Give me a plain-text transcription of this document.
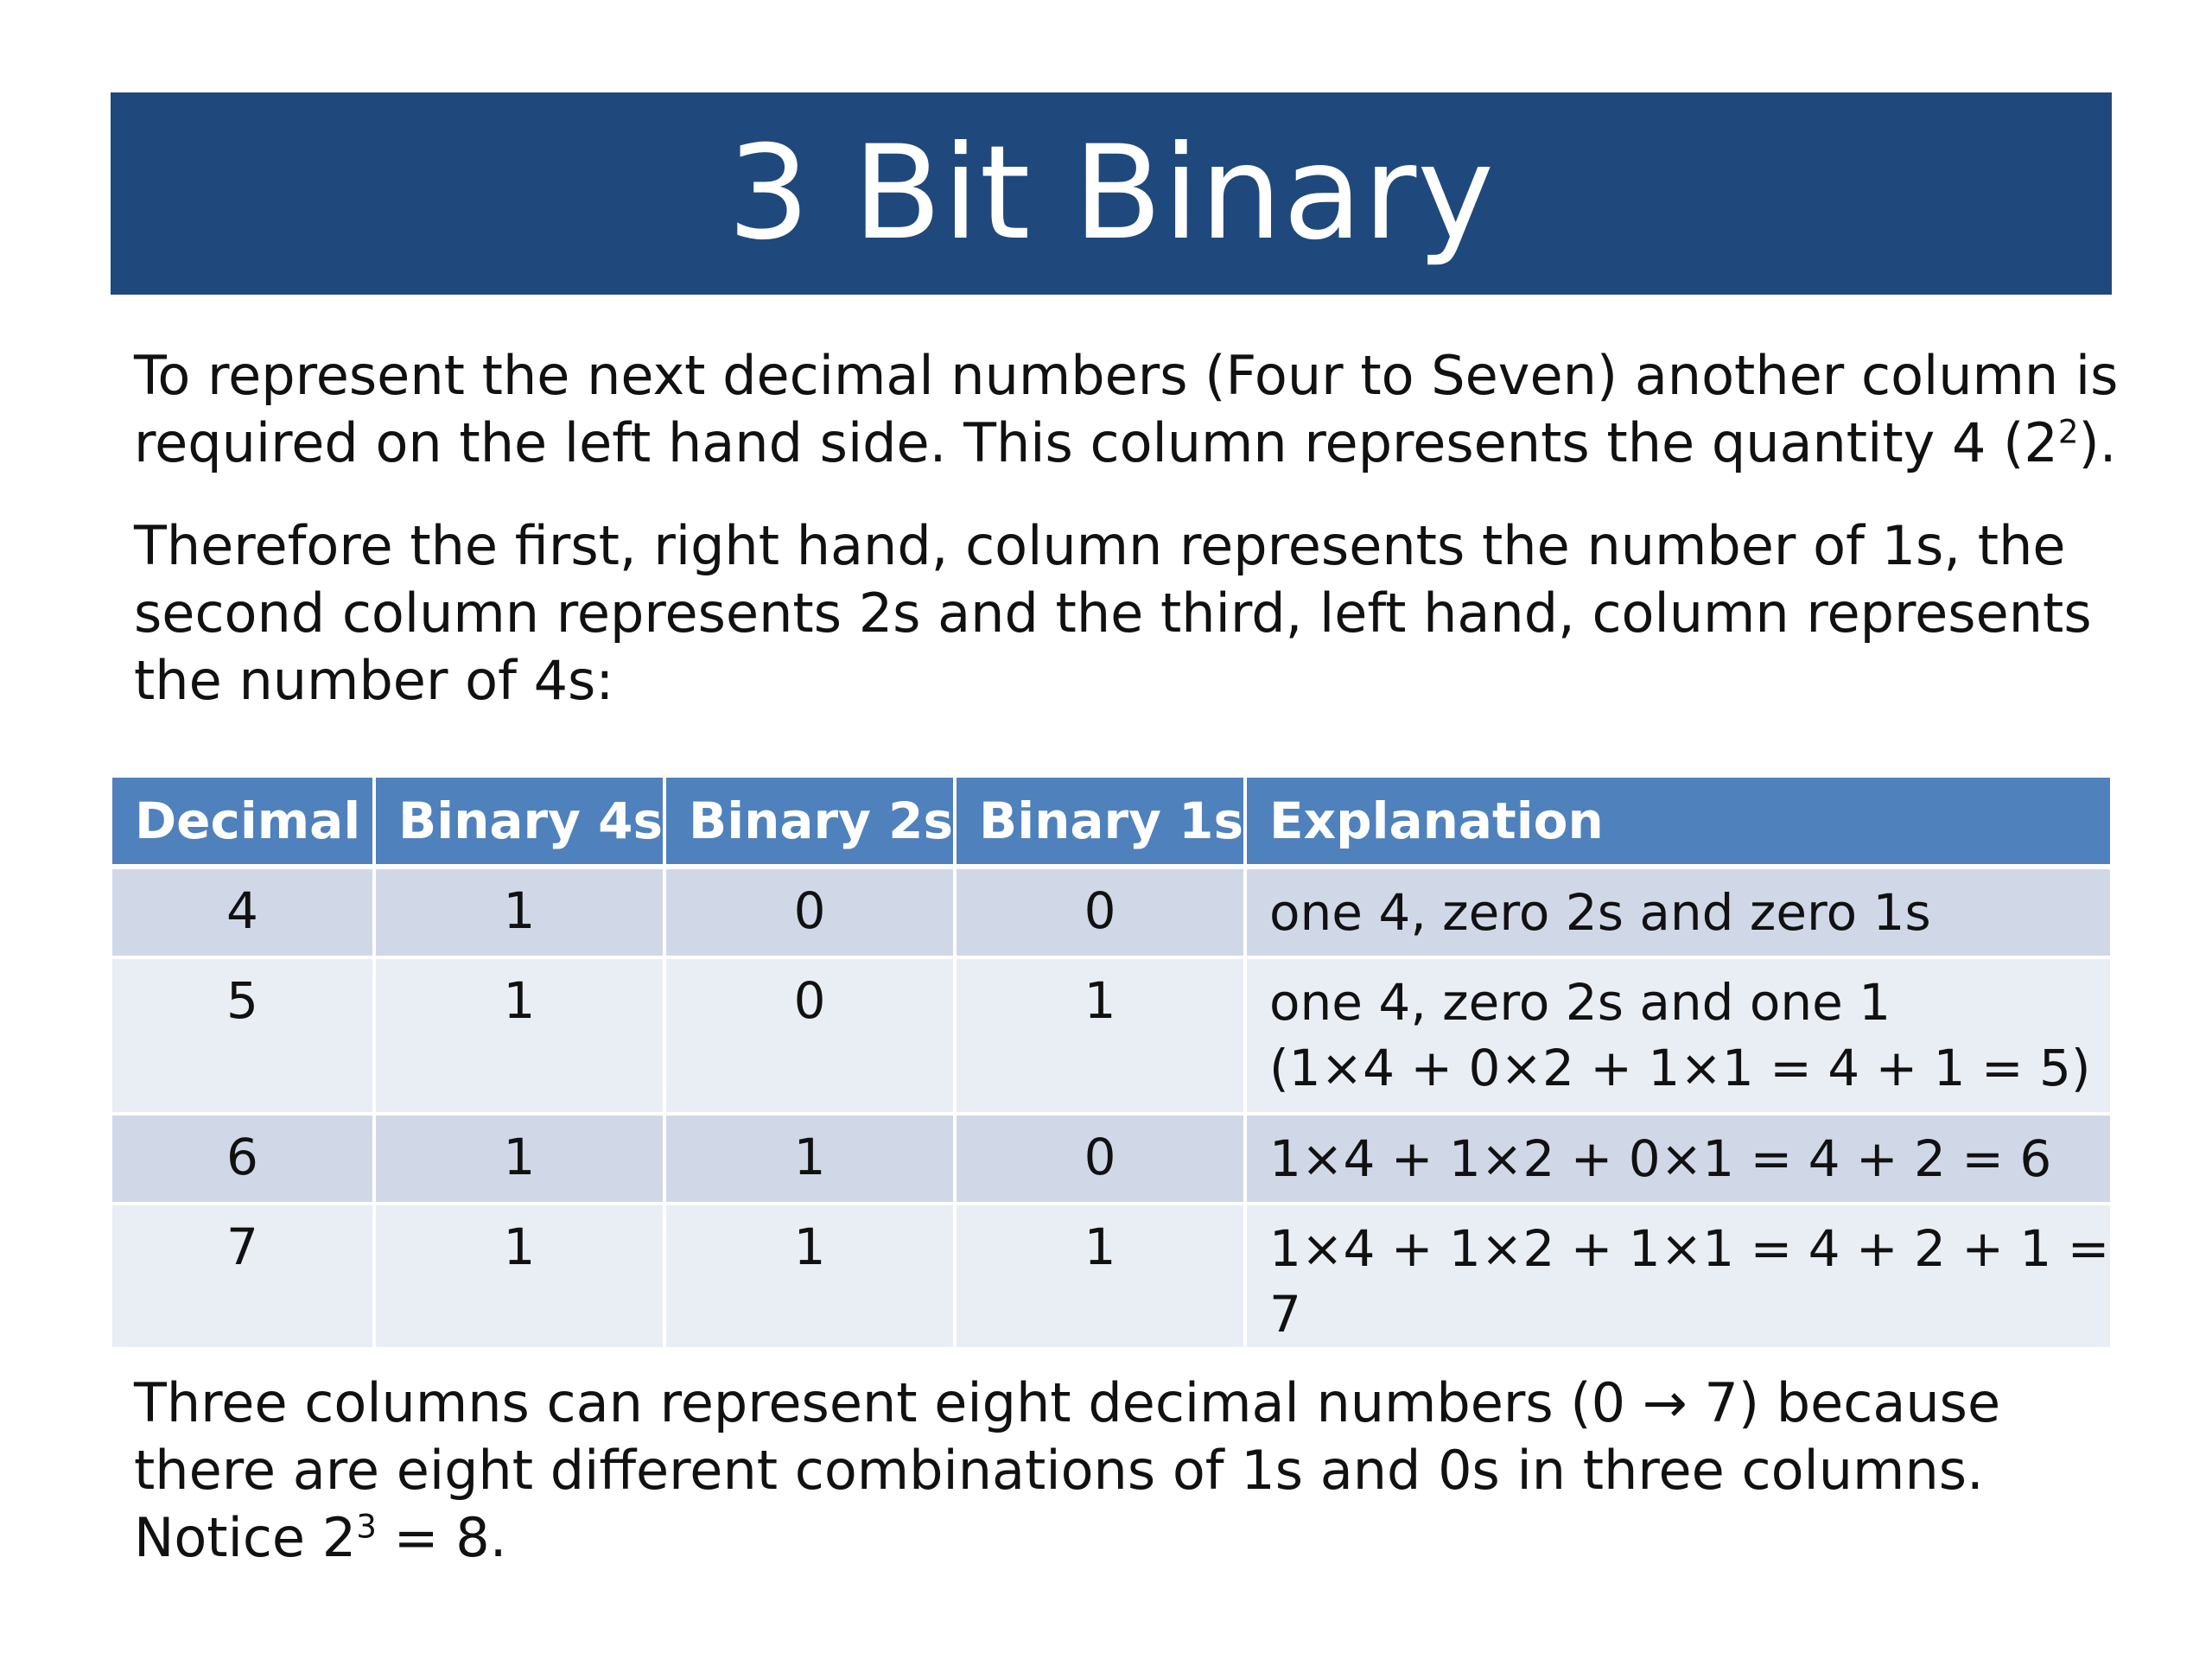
3 Bit Binary
To represent the next decimal numbers (Four to Seven) another column is required on the left hand side. This column represents the quantity 4 $(2^2)$.
Therefore the first, right hand, column represents the number of 1s, the second column represents 2s and the third, left hand, column represents the number of 4s:
Decimal	Binary 4s	Binary 2s	Binary 1s	Explanation
4	1	0	0	one 4, zero 2s and zero 1s
5	1	0	1	one 4, zero 2s and one 1
(1×4 + 0×2 + 1×1 = 4 + 1 = 5)

6	1	1	0	1×4 + 1×2 + 0×1 = 4 + 2 = 6
7	1	1	1	1×4 + 1×2 + 1×1 = 4 + 2 + 1 = 7
Three columns can represent eight decimal numbers (0 → 7) because there are eight different combinations of 1s and 0s in three columns. Notice $2^3 = 8$.
